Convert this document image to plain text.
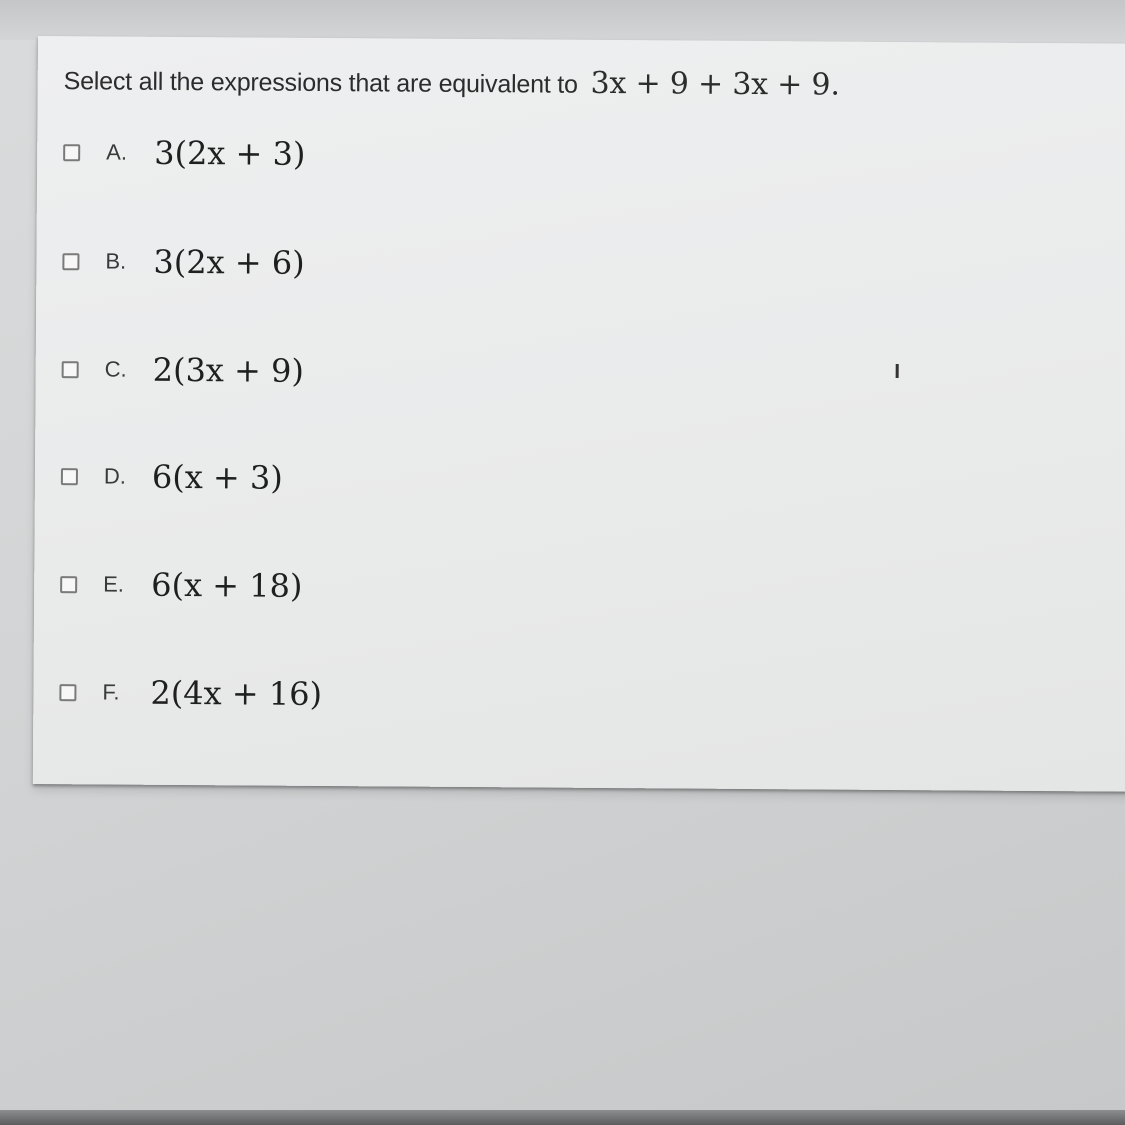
Select all the expressions that are equivalent to 3x + 9 + 3x + 9.
A. 3(2x + 3)
B. 3(2x + 6)
C. 2(3x + 9)
D. 6(x + 3)
E. 6(x + 18)
F. 2(4x + 16)
